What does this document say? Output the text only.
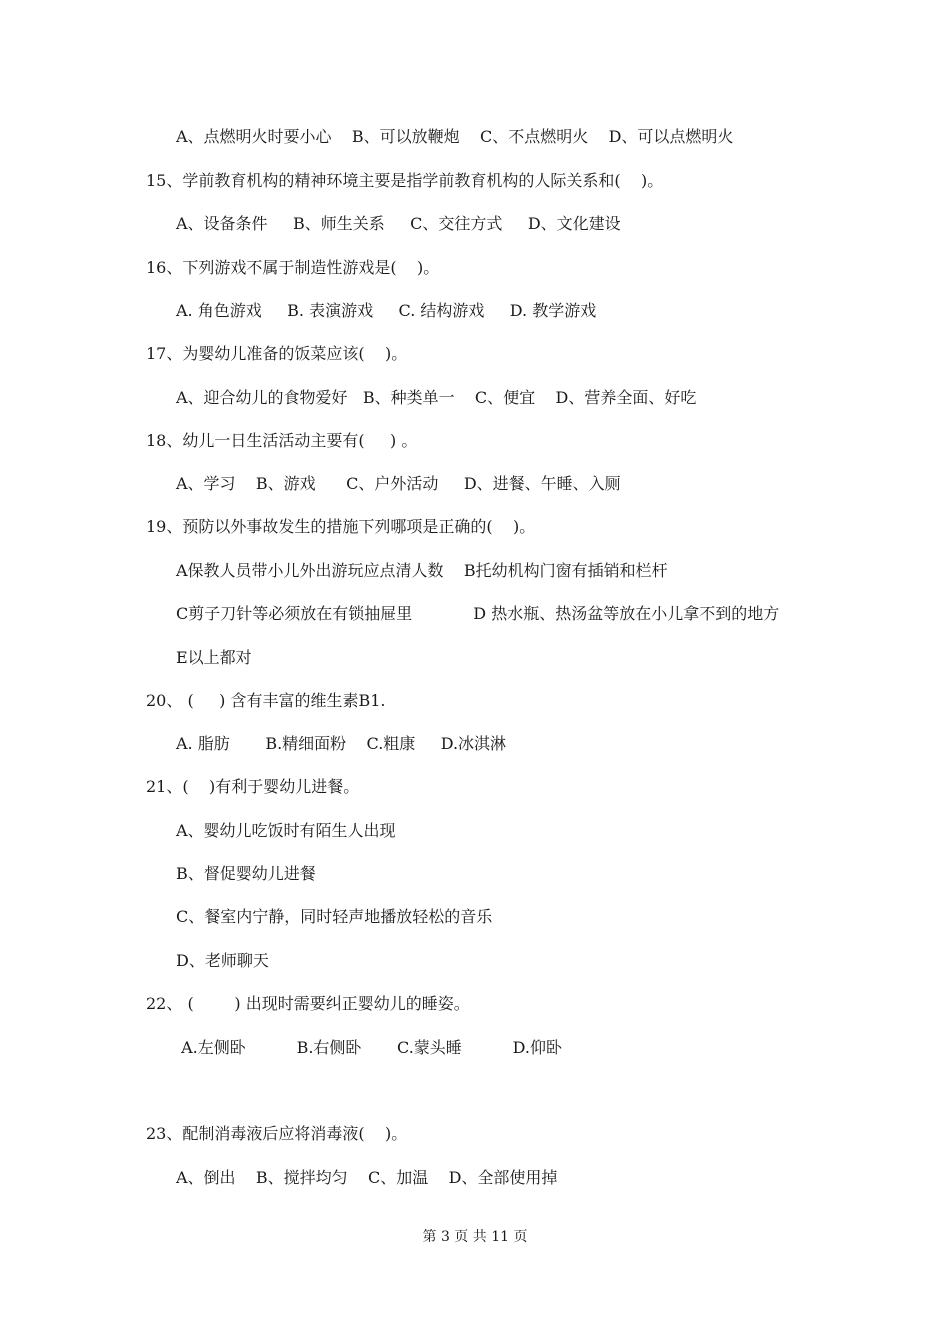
A、点燃明火时要小心    B、可以放鞭炮    C、不点燃明火    D、可以点燃明火
15、学前教育机构的精神环境主要是指学前教育机构的人际关系和(    )。
A、设备条件     B、师生关系     C、交往方式     D、文化建设
16、下列游戏不属于制造性游戏是(    )。
A. 角色游戏     B. 表演游戏     C. 结构游戏     D. 教学游戏
17、为婴幼儿准备的饭菜应该(    )。
A、迎合幼儿的食物爱好   B、种类单一    C、便宜    D、营养全面、好吃
18、幼儿一日生活活动主要有(     ) 。
A、学习    B、游戏      C、户外活动     D、进餐、午睡、入厕
19、预防以外事故发生的措施下列哪项是正确的(    )。
A保教人员带小儿外出游玩应点清人数    B托幼机构门窗有插销和栏杆
C剪子刀针等必须放在有锁抽屉里            D 热水瓶、热汤盆等放在小儿拿不到的地方
E以上都对
20、 (     ) 含有丰富的维生素B1.
A. 脂肪       B.精细面粉    C.粗康     D.冰淇淋
21、(    )有利于婴幼儿进餐。
A、婴幼儿吃饭时有陌生人出现
B、督促婴幼儿进餐
C、餐室内宁静，同时轻声地播放轻松的音乐
D、老师聊天
22、 (        ) 出现时需要纠正婴幼儿的睡姿。
A.左侧卧          B.右侧卧       C.蒙头睡          D.仰卧
23、配制消毒液后应将消毒液(    )。
A、倒出    B、搅拌均匀    C、加温    D、全部使用掉
第 3 页 共 11 页
